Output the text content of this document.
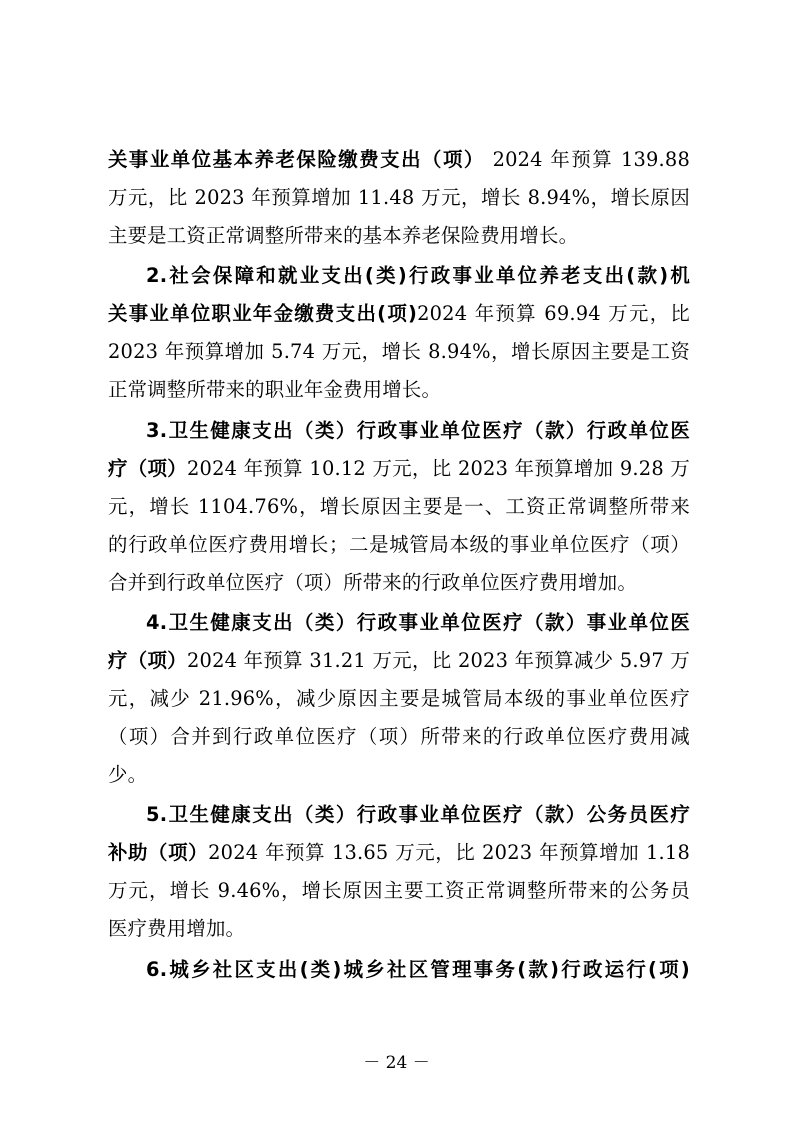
关事业单位基本养老保险缴费支出（项） 2024 年预算 139.88
万元，比 2023 年预算增加 11.48 万元，增长 8.94%，增长原因
主要是工资正常调整所带来的基本养老保险费用增长。
2.社会保障和就业支出(类)行政事业单位养老支出(款)机
关事业单位职业年金缴费支出(项)2024 年预算 69.94 万元，比
2023 年预算增加 5.74 万元，增长 8.94%，增长原因主要是工资
正常调整所带来的职业年金费用增长。
3.卫生健康支出（类）行政事业单位医疗（款）行政单位医
疗（项）2024 年预算 10.12 万元，比 2023 年预算增加 9.28 万
元，增长 1104.76%，增长原因主要是一、工资正常调整所带来
的行政单位医疗费用增长；二是城管局本级的事业单位医疗（项）
合并到行政单位医疗（项）所带来的行政单位医疗费用增加。
4.卫生健康支出（类）行政事业单位医疗（款）事业单位医
疗（项）2024 年预算 31.21 万元，比 2023 年预算减少 5.97 万
元，减少 21.96%，减少原因主要是城管局本级的事业单位医疗
（项）合并到行政单位医疗（项）所带来的行政单位医疗费用减
少。
5.卫生健康支出（类）行政事业单位医疗（款）公务员医疗
补助（项）2024 年预算 13.65 万元，比 2023 年预算增加 1.18
万元，增长 9.46%，增长原因主要工资正常调整所带来的公务员
医疗费用增加。
6.城乡社区支出(类)城乡社区管理事务(款)行政运行(项)
－ 24 －
